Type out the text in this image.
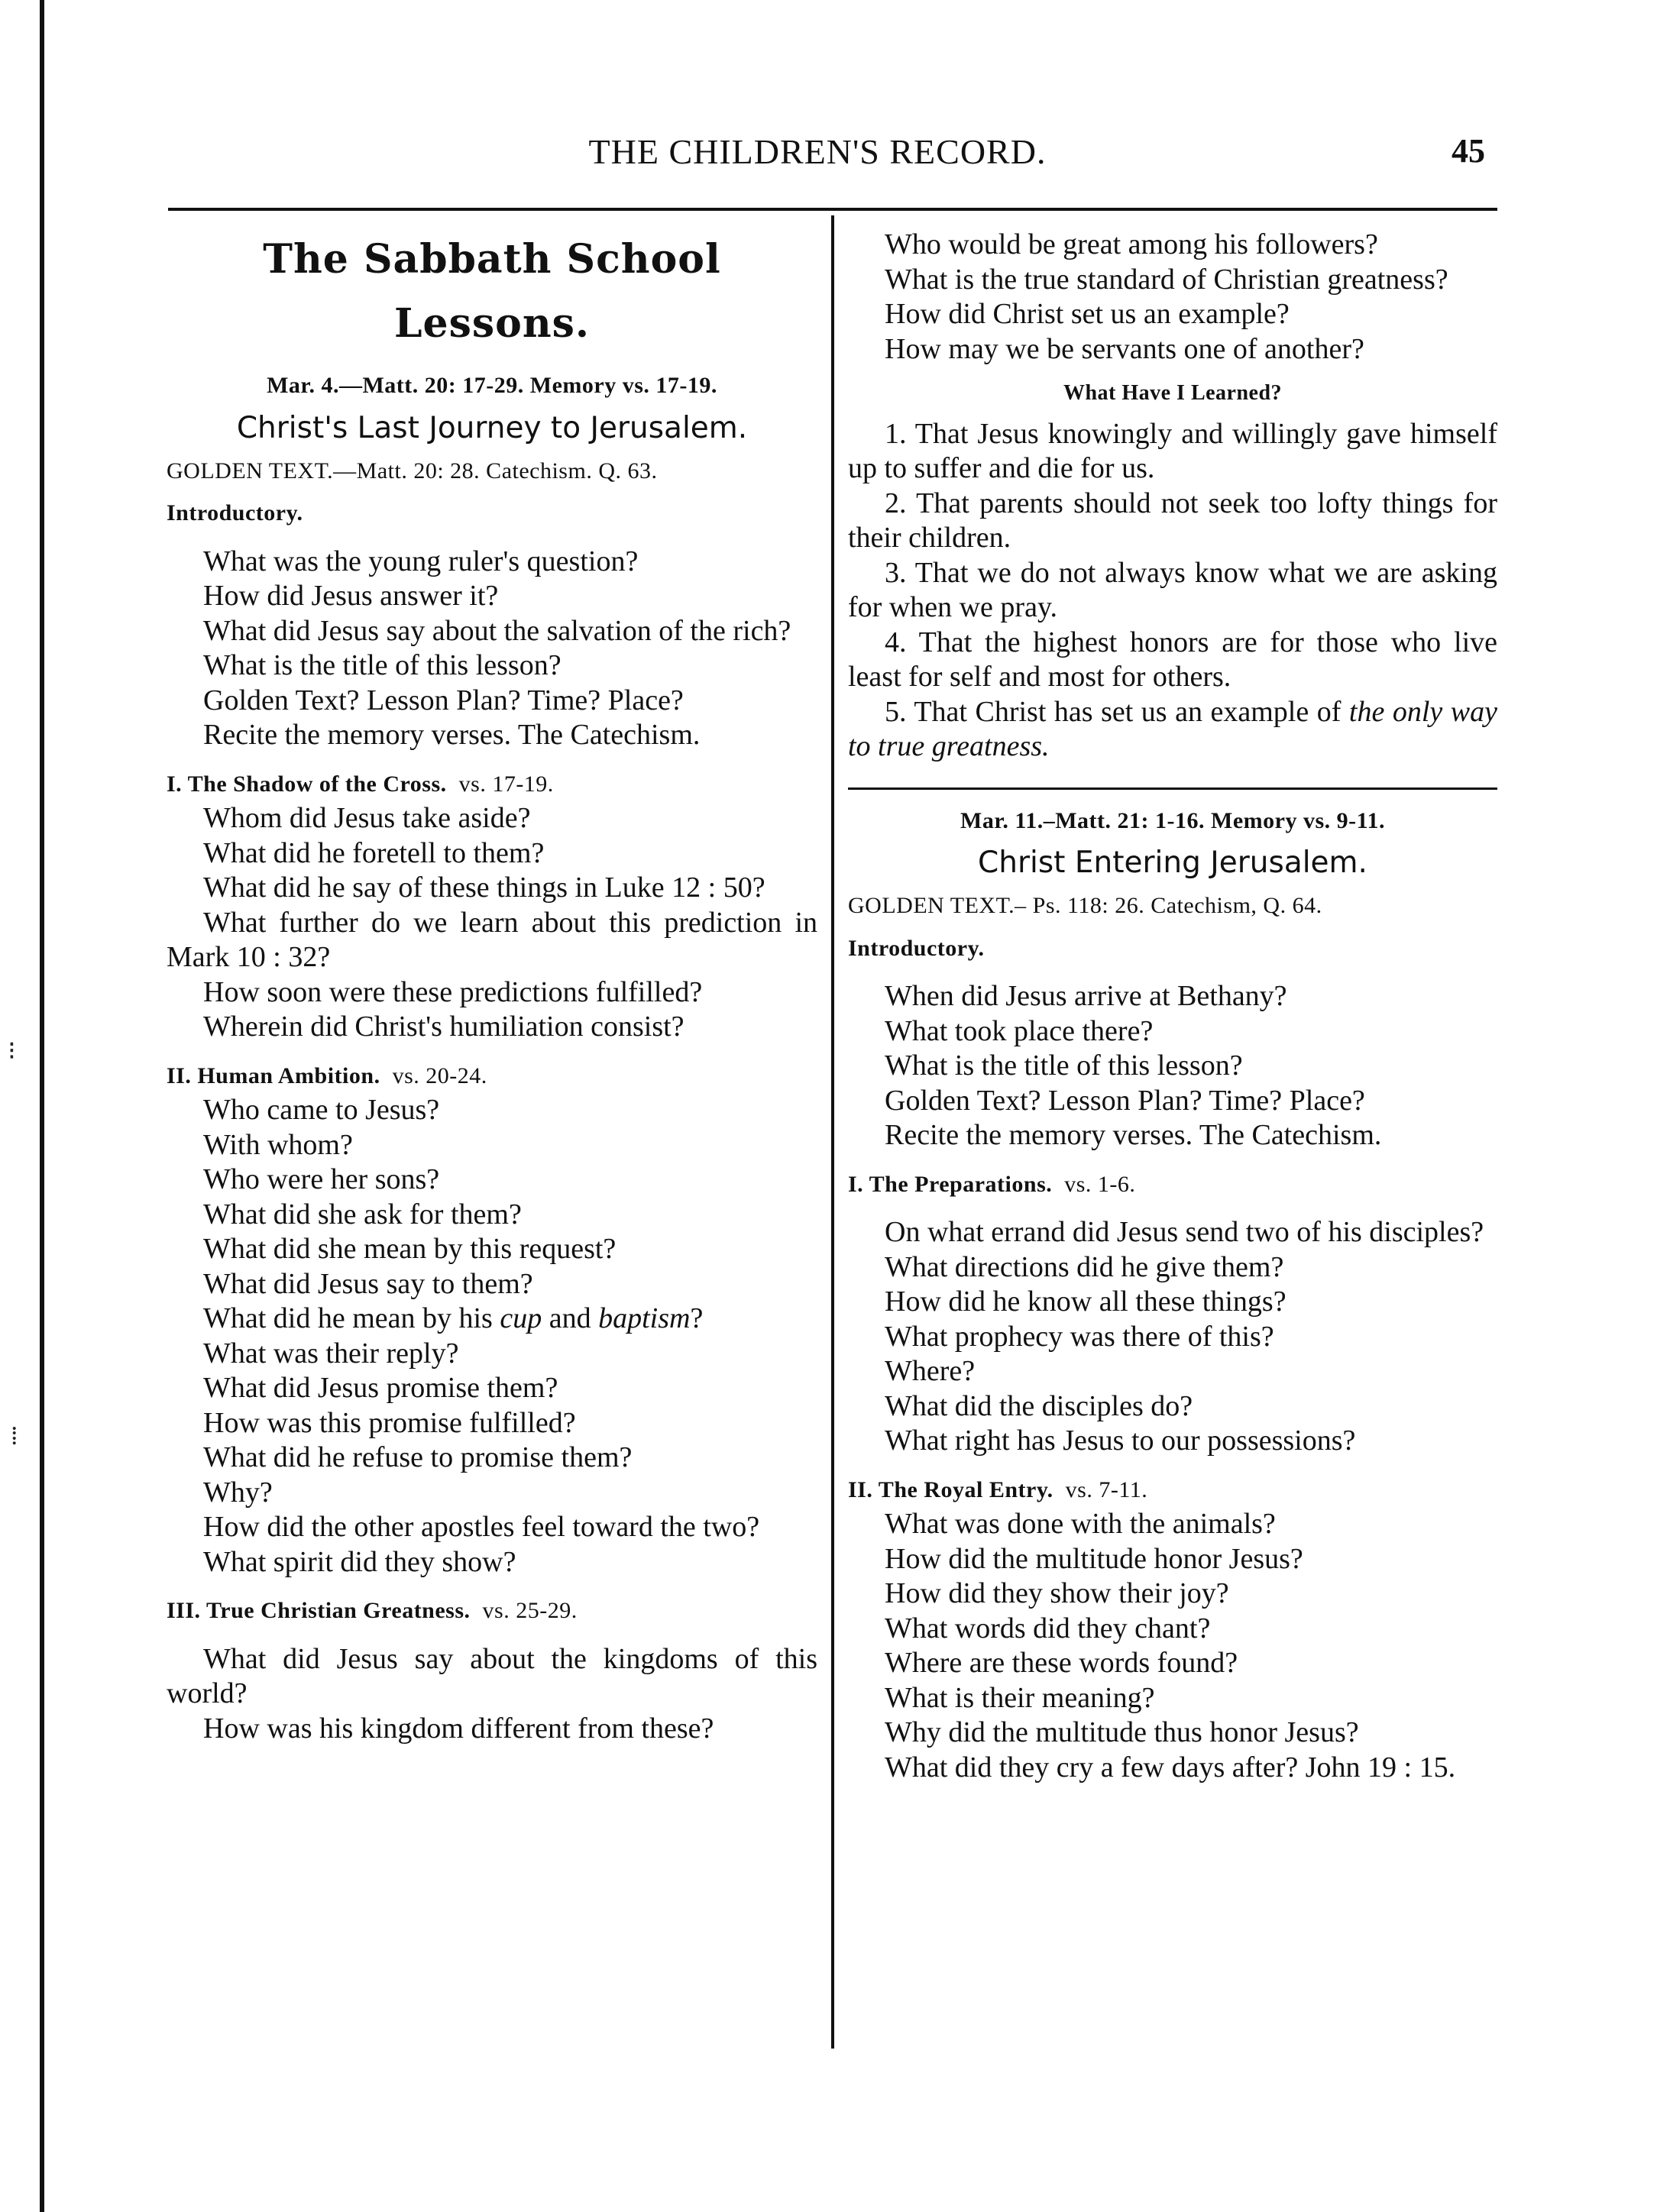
THE CHILDREN'S RECORD.	45
⁝
⁞
The Sabbath School Lessons.
Mar. 4.—Matt. 20: 17-29. Memory vs. 17-19.
Christ's Last Journey to Jerusalem.
GOLDEN TEXT.—Matt. 20: 28. Catechism. Q. 63.
Introductory.
What was the young ruler's question?
How did Jesus answer it?
What did Jesus say about the salvation of the rich?
What is the title of this lesson?
Golden Text? Lesson Plan? Time? Place?
Recite the memory verses. The Catechism.
I. The Shadow of the Cross. vs. 17-19.
Whom did Jesus take aside?
What did he foretell to them?
What did he say of these things in Luke 12 : 50?
What further do we learn about this prediction in Mark 10 : 32?
How soon were these predictions fulfilled?
Wherein did Christ's humiliation consist?
II. Human Ambition. vs. 20-24.
Who came to Jesus?
With whom?
Who were her sons?
What did she ask for them?
What did she mean by this request?
What did Jesus say to them?
What did he mean by his cup and baptism?
What was their reply?
What did Jesus promise them?
How was this promise fulfilled?
What did he refuse to promise them?
Why?
How did the other apostles feel toward the two?
What spirit did they show?
III. True Christian Greatness. vs. 25-29.
What did Jesus say about the kingdoms of this world?
How was his kingdom different from these?
Who would be great among his followers?
What is the true standard of Christian greatness?
How did Christ set us an example?
How may we be servants one of another?
What Have I Learned?
1. That Jesus knowingly and willingly gave himself up to suffer and die for us.
2. That parents should not seek too lofty things for their children.
3. That we do not always know what we are asking for when we pray.
4. That the highest honors are for those who live least for self and most for others.
5. That Christ has set us an example of the only way to true greatness.
Mar. 11.–Matt. 21: 1-16. Memory vs. 9-11.
Christ Entering Jerusalem.
GOLDEN TEXT.– Ps. 118: 26. Catechism, Q. 64.
Introductory.
When did Jesus arrive at Bethany?
What took place there?
What is the title of this lesson?
Golden Text? Lesson Plan? Time? Place?
Recite the memory verses. The Catechism.
I. The Preparations. vs. 1-6.
On what errand did Jesus send two of his disciples?
What directions did he give them?
How did he know all these things?
What prophecy was there of this?
Where?
What did the disciples do?
What right has Jesus to our possessions?
II. The Royal Entry. vs. 7-11.
What was done with the animals?
How did the multitude honor Jesus?
How did they show their joy?
What words did they chant?
Where are these words found?
What is their meaning?
Why did the multitude thus honor Jesus?
What did they cry a few days after? John 19 : 15.
